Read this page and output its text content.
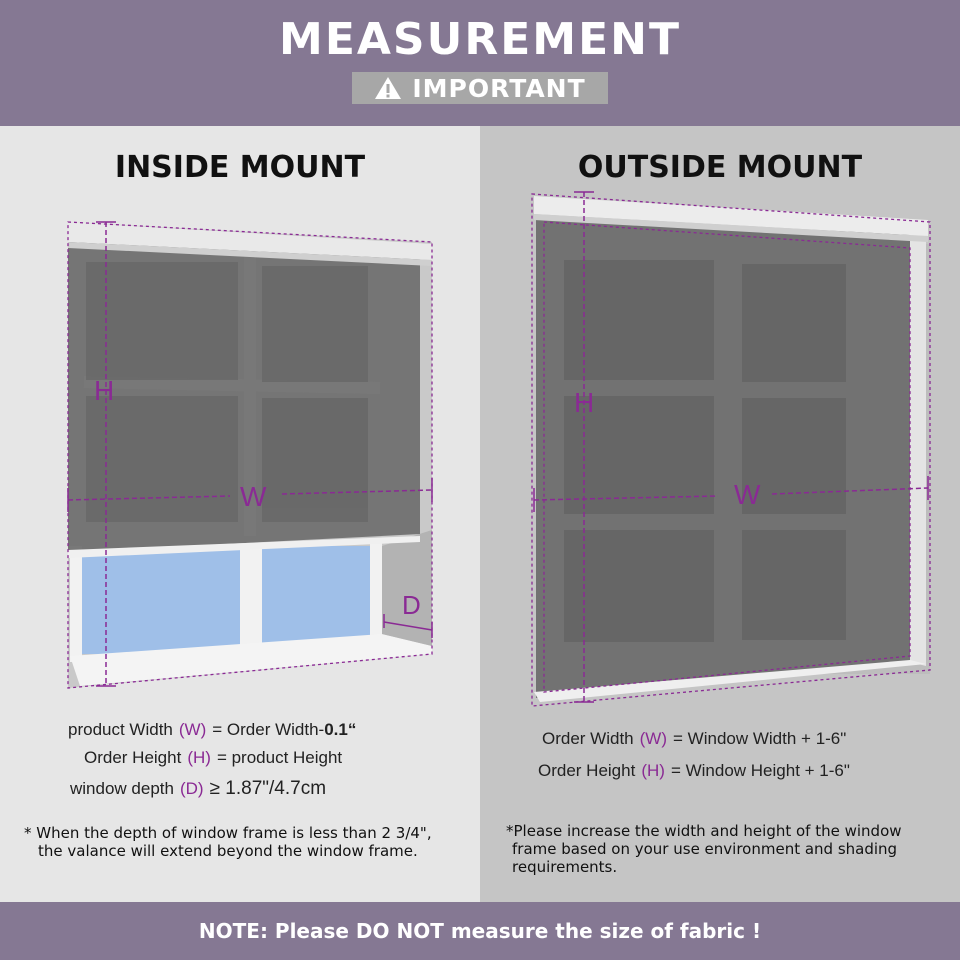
MEASUREMENT
IMPORTANT
INSIDE MOUNT
H
W
D
product Width (W) = Order Width-0.1“
Order Height (H) = product Height
window depth (D) ≥ 1.87"/4.7cm
* When the depth of window frame is less than 2 3/4",
the valance will extend beyond the window frame.
OUTSIDE MOUNT
H
W
Order Width (W) = Window Width + 1-6"
Order Height (H) = Window Height + 1-6"
*Please increase the width and height of the window
frame based on your use environment and shading
requirements.
NOTE: Please DO NOT measure the size of fabric !
